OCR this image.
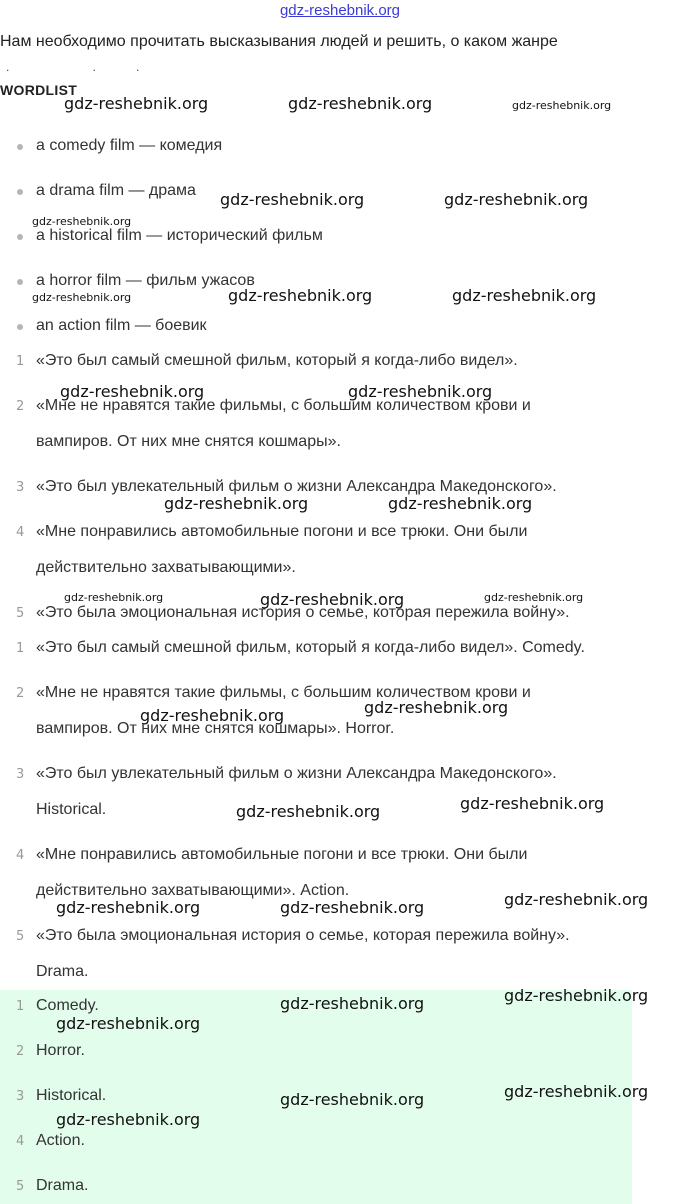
gdz-reshebnik.org
Нам необходимо прочитать высказывания людей и решить, о каком жанре
. ..
WORDLIST
a comedy film — комедия
a drama film — драма
a historical film — исторический фильм
a horror film — фильм ужасов
an action film — боевик
1 «Это был самый смешной фильм, который я когда-либо видел».
2 «Мне не нравятся такие фильмы, с большим количеством крови и
вампиров. От них мне снятся кошмары».
3 «Это был увлекательный фильм о жизни Александра Македонского».
4 «Мне понравились автомобильные погони и все трюки. Они были
действительно захватывающими».
5 «Это была эмоциональная история о семье, которая пережила войну».
1 «Это был самый смешной фильм, который я когда-либо видел». Comedy.
2 «Мне не нравятся такие фильмы, с большим количеством крови и
вампиров. От них мне снятся кошмары». Horror.
3 «Это был увлекательный фильм о жизни Александра Македонского».
Historical.
4 «Мне понравились автомобильные погони и все трюки. Они были
действительно захватывающими». Action.
5 «Это была эмоциональная история о семье, которая пережила войну».
Drama.
1 Comedy.
2 Horror.
3 Historical.
4 Action.
5 Drama.
gdz-reshebnik.org	gdz-reshebnik.org	gdz-reshebnik.org
gdz-reshebnik.org	gdz-reshebnik.org
gdz-reshebnik.org
gdz-reshebnik.org	gdz-reshebnik.org
gdz-reshebnik.org
gdz-reshebnik.org	gdz-reshebnik.org
gdz-reshebnik.org	gdz-reshebnik.org
gdz-reshebnik.org	gdz-reshebnik.org	gdz-reshebnik.org
gdz-reshebnik.org
gdz-reshebnik.org
gdz-reshebnik.org
gdz-reshebnik.org
gdz-reshebnik.org
gdz-reshebnik.org	gdz-reshebnik.org
gdz-reshebnik.org
gdz-reshebnik.org
gdz-reshebnik.org
gdz-reshebnik.org
gdz-reshebnik.org
gdz-reshebnik.org
